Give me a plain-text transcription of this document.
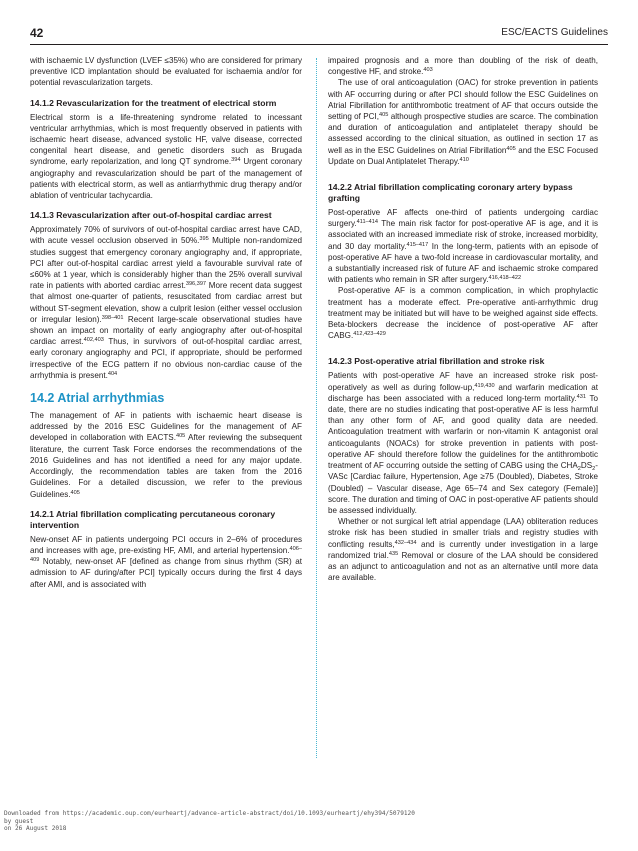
42	ESC/EACTS Guidelines

with ischaemic LV dysfunction (LVEF ≤35%) who are considered for primary preventive ICD implantation should be evaluated for ischaemia and/or for potential revascularization targets.

14.1.2 Revascularization for the treatment of electrical storm

Electrical storm is a life-threatening syndrome related to incessant ventricular arrhythmias, which is most frequently observed in patients with ischaemic heart disease, advanced systolic HF, valve disease, corrected congenital heart disease, and genetic disorders such as Brugada syndrome, early repolarization, and long QT syndrome.$^{394}$ Urgent coronary angiography and revascularization should be part of the management of patients with electrical storm, as well as antiarrhythmic drug therapy and/or ablation of ventricular tachycardia.

14.1.3 Revascularization after out-of-hospital cardiac arrest

Approximately 70% of survivors of out-of-hospital cardiac arrest have CAD, with acute vessel occlusion observed in 50%.$^{395}$ Multiple non-randomized studies suggest that emergency coronary angiography and, if appropriate, PCI after out-of-hospital cardiac arrest yield a favourable survival rate of ≤60% at 1 year, which is considerably higher than the 25% overall survival rate in patients with aborted cardiac arrest.$^{396,397}$ More recent data suggest that almost one-quarter of patients, resuscitated from cardiac arrest but without ST-segment elevation, show a culprit lesion (either vessel occlusion or irregular lesion).$^{398-401}$ Recent large-scale observational studies have shown an impact on mortality of early angiography after out-of-hospital cardiac arrest.$^{402,403}$ Thus, in survivors of out-of-hospital cardiac arrest, early coronary angiography and PCI, if appropriate, should be performed irrespective of the ECG pattern if no obvious non-cardiac cause of the arrhythmia is present.$^{404}$

14.2 Atrial arrhythmias

The management of AF in patients with ischaemic heart disease is addressed by the 2016 ESC Guidelines for the management of AF developed in collaboration with EACTS.$^{405}$ After reviewing the subsequent literature, the current Task Force endorses the recommendations of the 2016 Guidelines and has not identified a need for any major update. Accordingly, the recommendation tables are taken from the 2016 Guidelines. For a detailed discussion, we refer to the previous Guidelines.$^{405}$

14.2.1 Atrial fibrillation complicating percutaneous coronary intervention

New-onset AF in patients undergoing PCI occurs in 2–6% of procedures and increases with age, pre-existing HF, AMI, and arterial hypertension.$^{406-409}$ Notably, new-onset AF [defined as change from sinus rhythm (SR) at admission to AF during/after PCI] typically occurs during the first 4 days after AMI, and is associated with

impaired prognosis and a more than doubling of the risk of death, congestive HF, and stroke.$^{403}$

The use of oral anticoagulation (OAC) for stroke prevention in patients with AF occurring during or after PCI should follow the ESC Guidelines on Atrial Fibrillation for antithrombotic treatment of AF that occurs outside the setting of PCI,$^{405}$ although prospective studies are scarce. The combination and duration of anticoagulation and antiplatelet therapy should be assessed according to the clinical situation, as outlined in section 17 as well as in the ESC Guidelines on Atrial Fibrillation$^{405}$ and the ESC Focused Update on Dual Antiplatelet Therapy.$^{410}$

14.2.2 Atrial fibrillation complicating coronary artery bypass grafting

Post-operative AF affects one-third of patients undergoing cardiac surgery.$^{411-414}$ The main risk factor for post-operative AF is age, and it is associated with an increased immediate risk of stroke, increased morbidity, and 30 day mortality.$^{415-417}$ In the long-term, patients with an episode of post-operative AF have a two-fold increase in cardiovascular mortality, and a substantially increased risk of future AF and ischaemic stroke compared with patients who remain in SR after surgery.$^{416,418-422}$

Post-operative AF is a common complication, in which prophylactic treatment has a moderate effect. Pre-operative anti-arrhythmic drug treatment may be initiated but will have to be weighed against side effects. Beta-blockers decrease the incidence of post-operative AF after CABG.$^{412,423-429}$

14.2.3 Post-operative atrial fibrillation and stroke risk

Patients with post-operative AF have an increased stroke risk post-operatively as well as during follow-up,$^{419,430}$ and warfarin medication at discharge has been associated with a reduced long-term mortality.$^{431}$ To date, there are no studies indicating that post-operative AF is less harmful than any other form of AF, and good quality data are needed. Anticoagulation treatment with warfarin or non-vitamin K antagonist oral anticoagulants (NOACs) for stroke prevention in patients with post-operative AF should therefore follow the guidelines for the antithrombotic treatment of AF occurring outside the setting of CABG using the $CHA_2DS_2$-VASc [Cardiac failure, Hypertension, Age ≥75 (Doubled), Diabetes, Stroke (Doubled) – Vascular disease, Age 65–74 and Sex category (Female)] score. The duration and timing of OAC in post-operative AF patients should be assessed individually.

Whether or not surgical left atrial appendage (LAA) obliteration reduces stroke risk has been studied in smaller trials and registry studies with conflicting results,$^{432-434}$ and is currently under investigation in a large randomized trial.$^{435}$ Removal or closure of the LAA should be considered as an adjunct to anticoagulation and not as an alternative until more data are available.

Downloaded from https://academic.oup.com/eurheartj/advance-article-abstract/doi/10.1093/eurheartj/ehy394/5079120
by guest
on 26 August 2018
